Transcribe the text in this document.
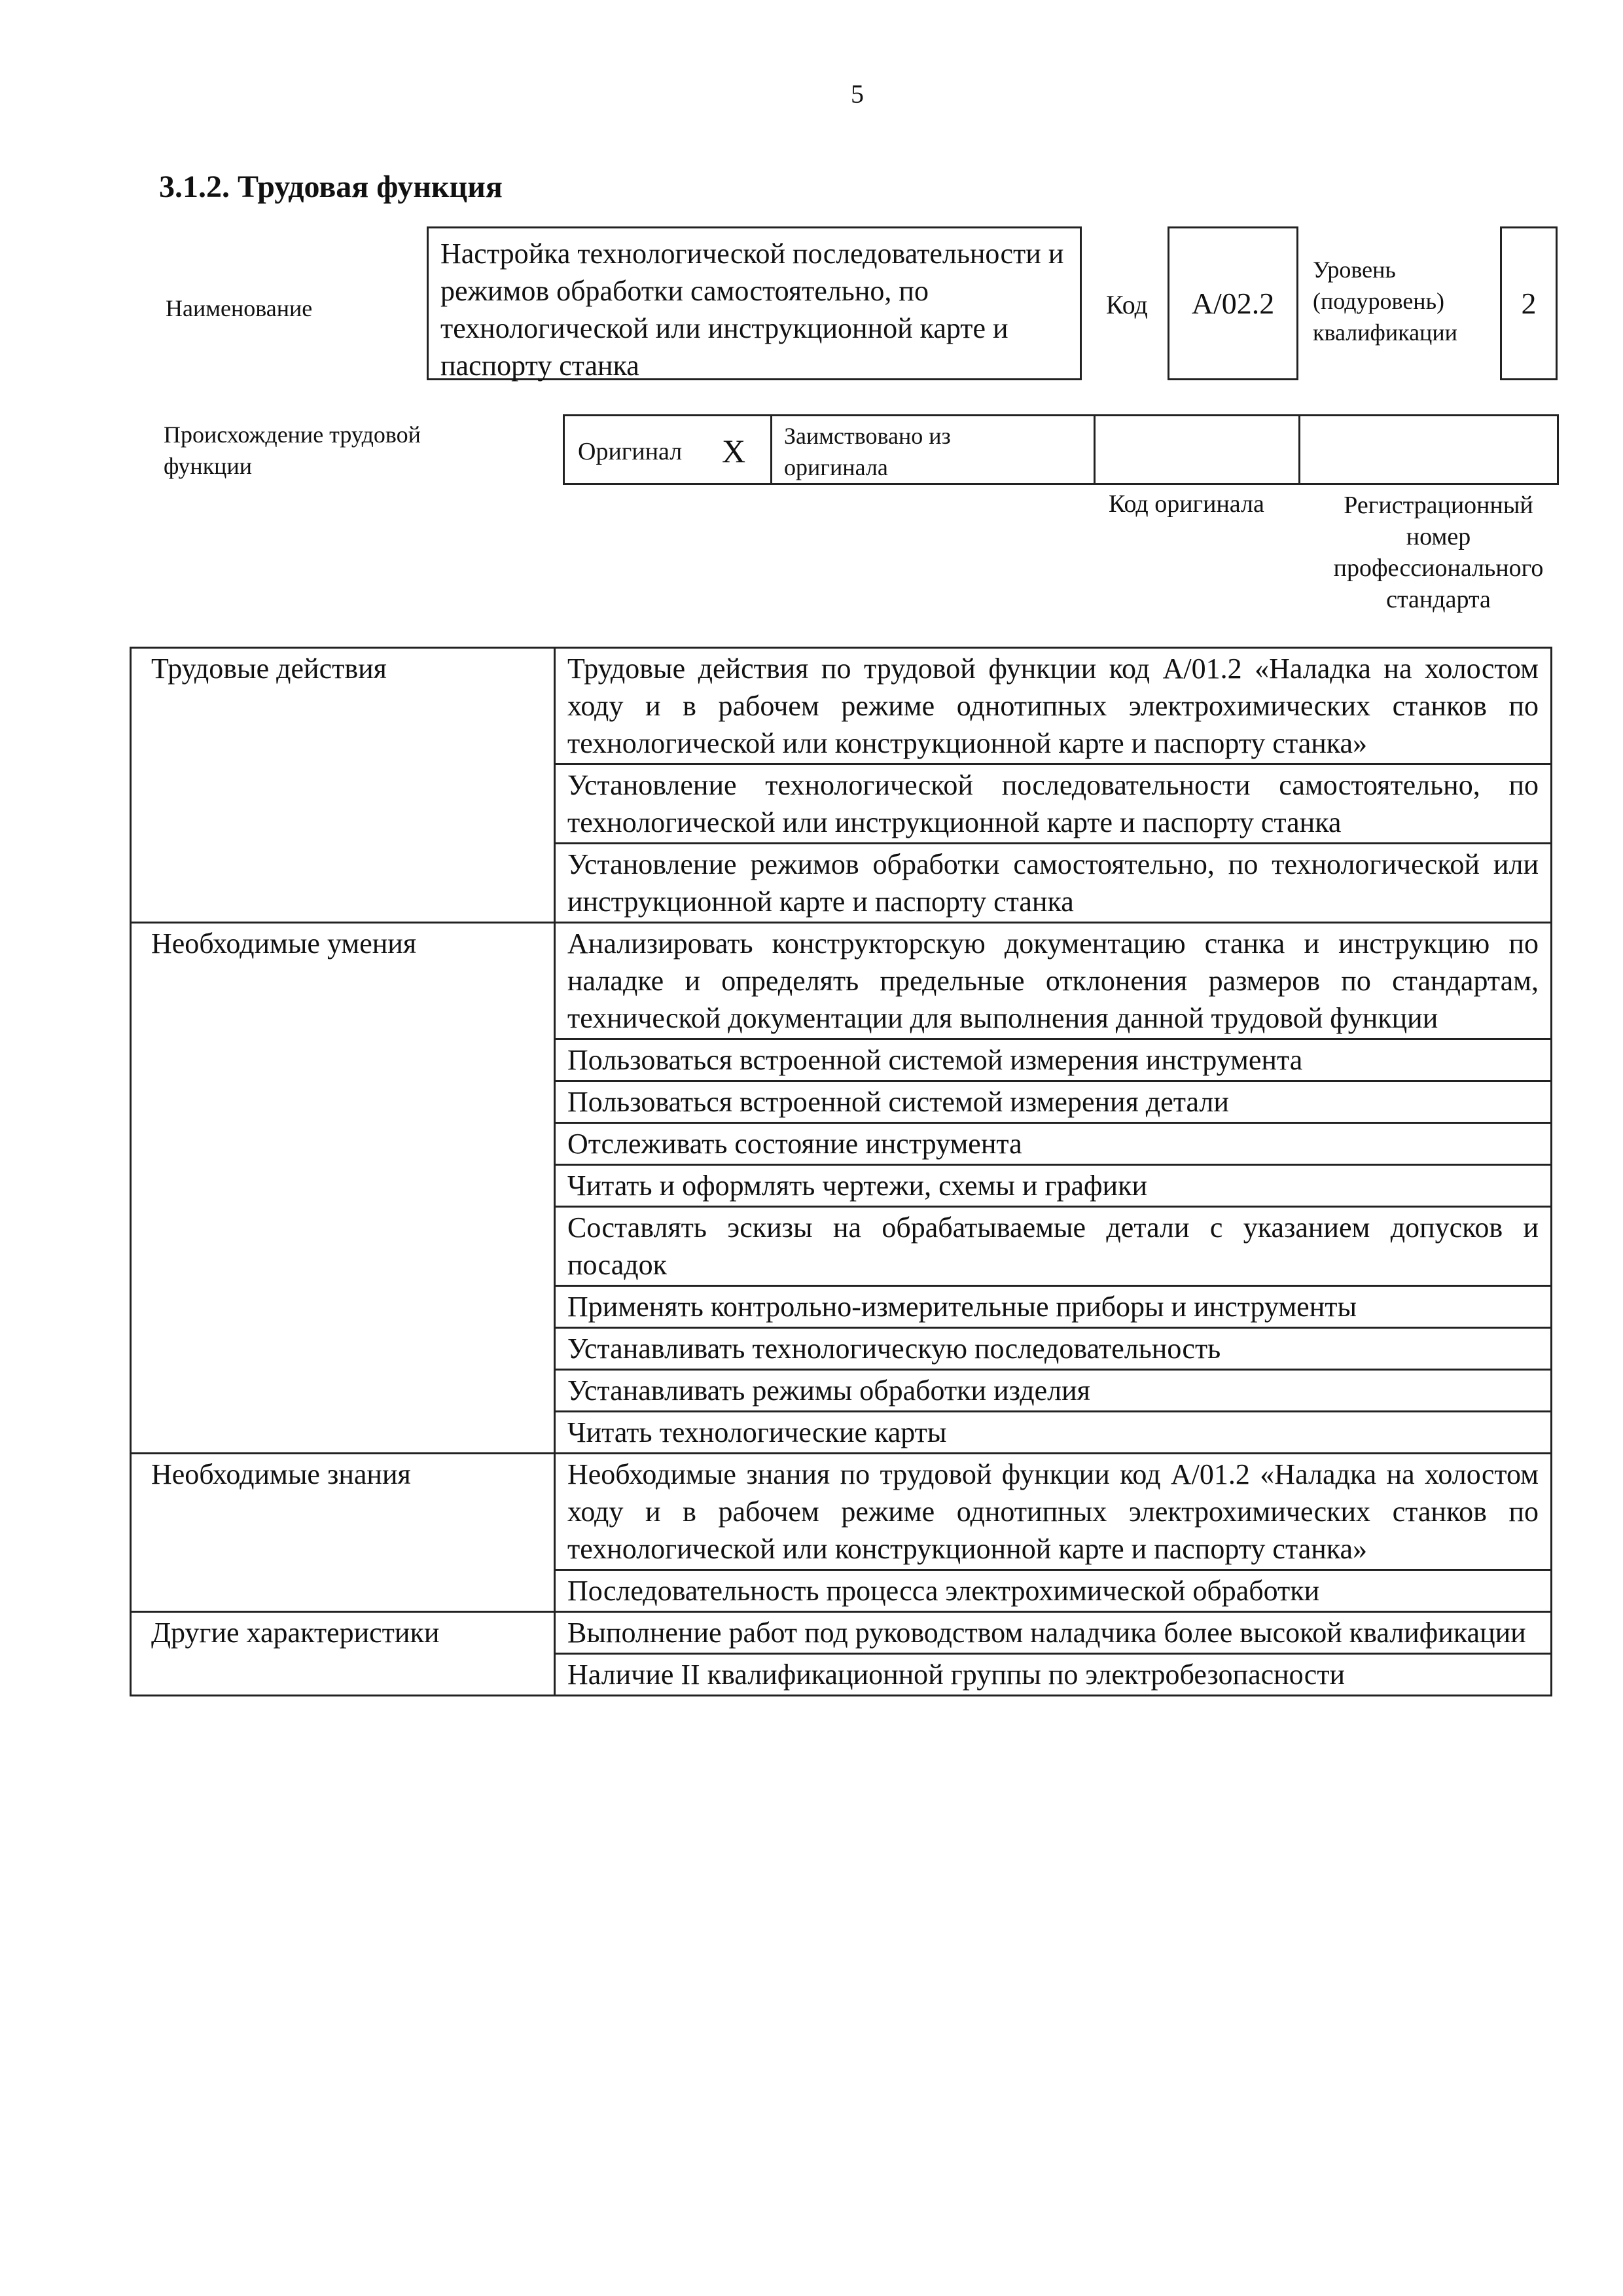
5
3.1.2. Трудовая функция
Наименование
Настройка технологической последовательности и режимов обработки самостоятельно, по технологической или инструкционной карте и паспорту станка
Код А/02.2
Уровень (подуровень) квалификации
2
Происхождение трудовой функции
Оригинал X Заимствовано из оригинала
Код оригинала	Регистрационный номер профессионального стандарта
Трудовые действия	Трудовые действия по трудовой функции код А/01.2 «Наладка на холостом ходу и в рабочем режиме однотипных электрохимических станков по технологической или конструкционной карте и паспорту станка»
	Установление технологической последовательности самостоятельно, по технологической или инструкционной карте и паспорту станка
	Установление режимов обработки самостоятельно, по технологической или инструкционной карте и паспорту станка
Необходимые умения	Анализировать конструкторскую документацию станка и инструкцию по наладке и определять предельные отклонения размеров по стандартам, технической документации для выполнения данной трудовой функции
	Пользоваться встроенной системой измерения инструмента
	Пользоваться встроенной системой измерения детали
	Отслеживать состояние инструмента
	Читать и оформлять чертежи, схемы и графики
	Составлять эскизы на обрабатываемые детали с указанием допусков и посадок
	Применять контрольно-измерительные приборы и инструменты
	Устанавливать технологическую последовательность
	Устанавливать режимы обработки изделия
	Читать технологические карты
Необходимые знания	Необходимые знания по трудовой функции код А/01.2 «Наладка на холостом ходу и в рабочем режиме однотипных электрохимических станков по технологической или конструкционной карте и паспорту станка»
	Последовательность процесса электрохимической обработки
Другие характеристики	Выполнение работ под руководством наладчика более высокой квалификации
	Наличие II квалификационной группы по электробезопасности
